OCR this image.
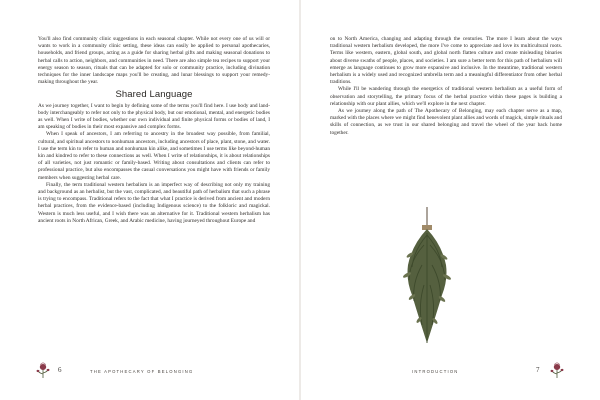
You'll also find community clinic suggestions in each seasonal chapter. While not every one of us will or wants to work in a community clinic setting, these ideas can easily be applied to personal apothecaries, households, and friend groups, acting as a guide for sharing herbal gifts and making seasonal donations to herbal calls to action, neighbors, and communities in need. There are also simple tea recipes to support your energy season to season, rituals that can be adapted for solo or community practice, including divination techniques for the inner landscape maps you'll be creating, and lunar blessings to support your remedy-making throughout the year.

Shared Language

As we journey together, I want to begin by defining some of the terms you'll find here. I use body and land-body interchangeably to refer not only to the physical body, but our emotional, mental, and energetic bodies as well. When I write of bodies, whether our own individual and finite physical forms or bodies of land, I am speaking of bodies in their most expansive and complex forms.

When I speak of ancestors, I am referring to ancestry in the broadest way possible, from familial, cultural, and spiritual ancestors to nonhuman ancestors, including ancestors of place, plant, stone, and water. I use the term kin to refer to human and nonhuman kin alike, and sometimes I use terms like beyond-human kin and kindred to refer to these connections as well. When I write of relationships, it is about relationships of all varieties, not just romantic or family-based. Writing about consultations and clients can refer to professional practice, but also encompasses the casual conversations you might have with friends or family members when suggesting herbal care.

Finally, the term traditional western herbalism is an imperfect way of describing not only my training and background as an herbalist, but the vast, complicated, and beautiful path of herbalism that such a phrase is trying to encompass. Traditional refers to the fact that what I practice is derived from ancient and modern herbal practices, from the evidence-based (including Indigenous science) to the folkloric and magickal. Western is much less useful, and I wish there was an alternative for it. Traditional western herbalism has ancient roots in North African, Greek, and Arabic medicine, having journeyed throughout Europe and

6	THE APOTHECARY OF BELONGING

on to North America, changing and adapting through the centuries. The more I learn about the ways traditional western herbalism developed, the more I've come to appreciate and love its multicultural roots. Terms like western, eastern, global south, and global north flatten culture and create misleading binaries about diverse swaths of people, places, and societies. I am sure a better term for this path of herbalism will emerge as language continues to grow more expansive and inclusive. In the meantime, traditional western herbalism is a widely used and recognized umbrella term and a meaningful differentiator from other herbal traditions.

While I'll be wandering through the energetics of traditional western herbalism as a useful form of observation and storytelling, the primary focus of the herbal practice within these pages is building a relationship with our plant allies, which we'll explore in the next chapter.

As we journey along the path of The Apothecary of Belonging, may each chapter serve as a map, marked with the places where we might find benevolent plant allies and words of magick, simple rituals and skills of connection, as we trust in our shared belonging and travel the wheel of the year back home together.

INTRODUCTION	7
